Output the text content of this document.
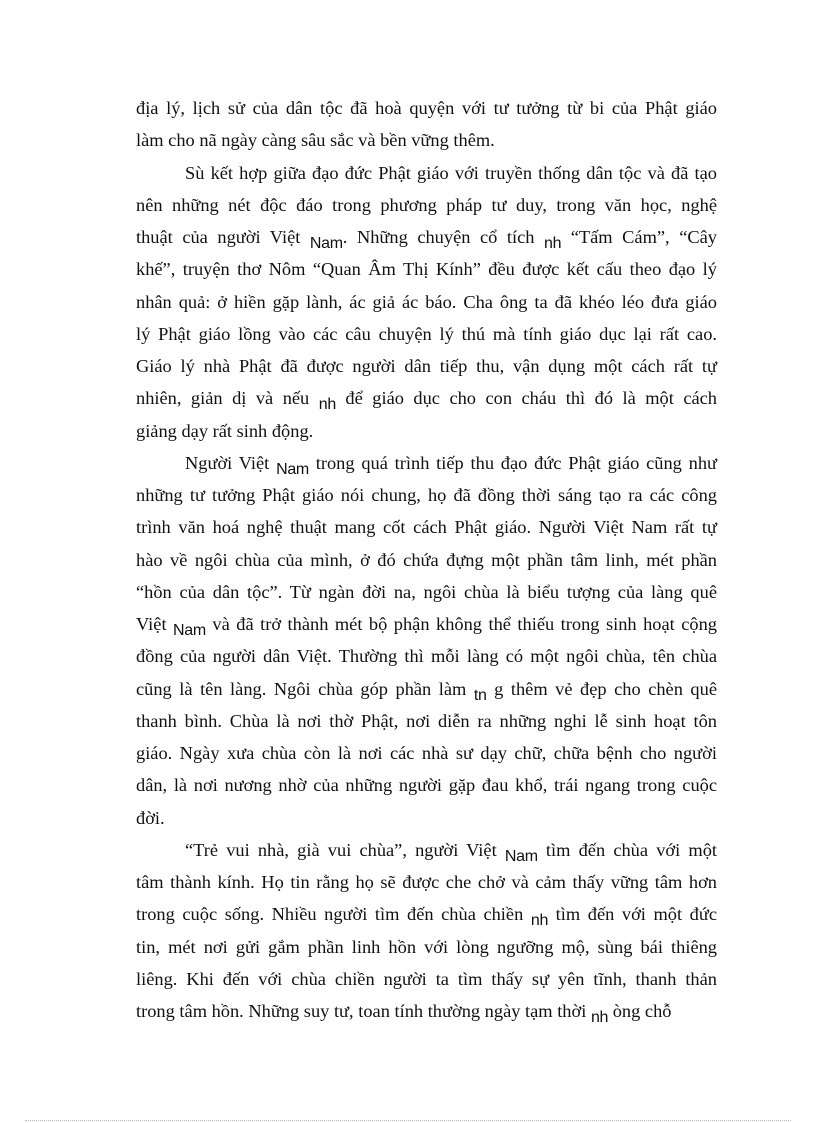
địa lý, lịch sử của dân tộc đã hoà quyện với tư tưởng từ bi của Phật giáo
làm cho nã ngày càng sâu sắc và bền vững thêm.
Sù kết hợp giữa đạo đức Phật giáo với truyền thống dân tộc và đã tạo
nên những nét độc đáo trong phương pháp tư duy, trong văn học, nghệ
thuật của người Việt Nam. Những chuyện cổ tích nh “Tấm Cám”, “Cây
khế”, truyện thơ Nôm “Quan Âm Thị Kính” đều được kết cấu theo đạo lý
nhân quả: ở hiền gặp lành, ác giả ác báo. Cha ông ta đã khéo léo đưa giáo
lý Phật giáo lồng vào các câu chuyện lý thú mà tính giáo dục lại rất cao.
Giáo lý nhà Phật đã được người dân tiếp thu, vận dụng một cách rất tự
nhiên, giản dị và nếu nh để giáo dục cho con cháu thì đó là một cách
giảng dạy rất sinh động.
Người Việt Nam trong quá trình tiếp thu đạo đức Phật giáo cũng như
những tư tưởng Phật giáo nói chung, họ đã đồng thời sáng tạo ra các công
trình văn hoá nghệ thuật mang cốt cách Phật giáo. Người Việt Nam rất tự
hào về ngôi chùa của mình, ở đó chứa đựng một phần tâm linh, mét phần
“hồn của dân tộc”. Từ ngàn đời na, ngôi chùa là biểu tượng của làng quê
Việt Nam và đã trở thành mét bộ phận không thể thiếu trong sinh hoạt cộng
đồng của người dân Việt. Thường thì mỗi làng có một ngôi chùa, tên chùa
cũng là tên làng. Ngôi chùa góp phần làm tn g thêm vẻ đẹp cho chèn quê
thanh bình. Chùa là nơi thờ Phật, nơi diễn ra những nghi lễ sinh hoạt tôn
giáo. Ngày xưa chùa còn là nơi các nhà sư dạy chữ, chữa bệnh cho người
dân, là nơi nương nhờ của những người gặp đau khổ, trái ngang trong cuộc
đời.
“Trẻ vui nhà, già vui chùa”, người Việt Nam tìm đến chùa với một
tâm thành kính. Họ tin rằng họ sẽ được che chở và cảm thấy vững tâm hơn
trong cuộc sống. Nhiều người tìm đến chùa chiền nh tìm đến với một đức
tin, mét nơi gửi gắm phần linh hồn với lòng ngưỡng mộ, sùng bái thiêng
liêng. Khi đến với chùa chiền người ta tìm thấy sự yên tĩnh, thanh thản
trong tâm hồn. Những suy tư, toan tính thường ngày tạm thời nh òng chỗ
